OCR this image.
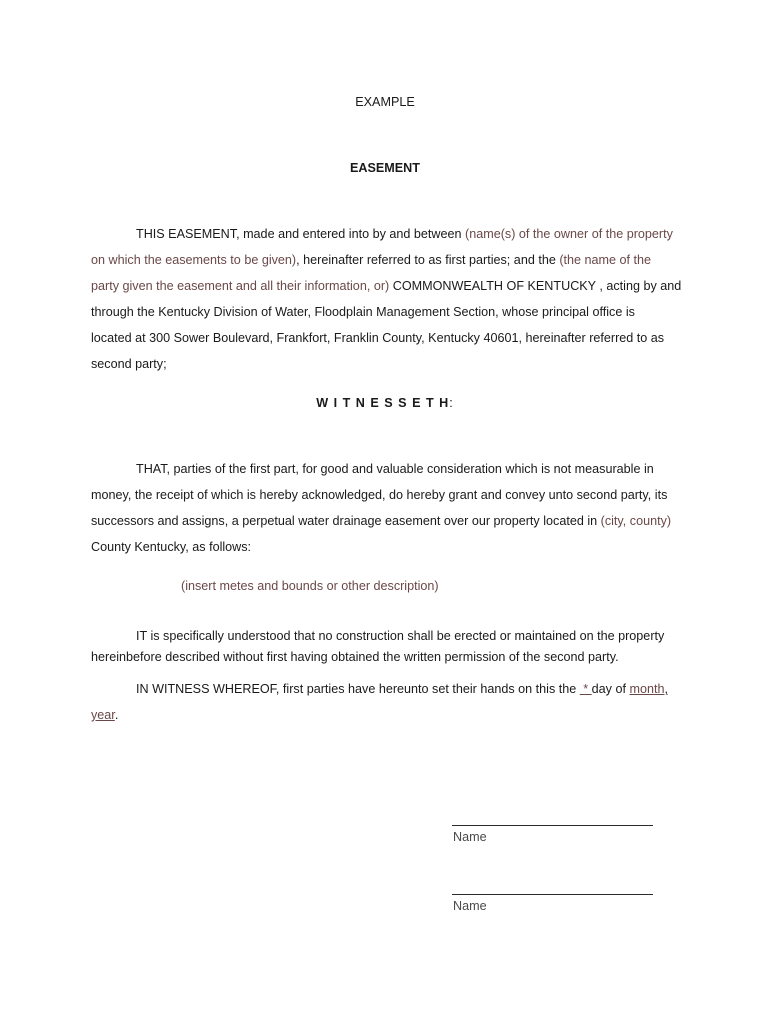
EXAMPLE
EASEMENT
THIS EASEMENT, made and entered into by and between (name(s) of the owner of the property
on which the easements to be given), hereinafter referred to as first parties; and the (the name of the
party given the easement and all their information, or) COMMONWEALTH OF KENTUCKY , acting by and
through the Kentucky Division of Water, Floodplain Management Section, whose principal office is
located at 300 Sower Boulevard, Frankfort, Franklin County, Kentucky 40601, hereinafter referred to as
second party;
W I T N E S S E T H:
THAT, parties of the first part, for good and valuable consideration which is not measurable in
money, the receipt of which is hereby acknowledged, do hereby grant and convey unto second party, its
successors and assigns, a perpetual water drainage easement over our property located in (city, county)
County Kentucky, as follows:
(insert metes and bounds or other description)
IT is specifically understood that no construction shall be erected or maintained on the property
hereinbefore described without first having obtained the written permission of the second party.
IN WITNESS WHEREOF, first parties have hereunto set their hands on this the  * day of month,
year.
Name
Name
